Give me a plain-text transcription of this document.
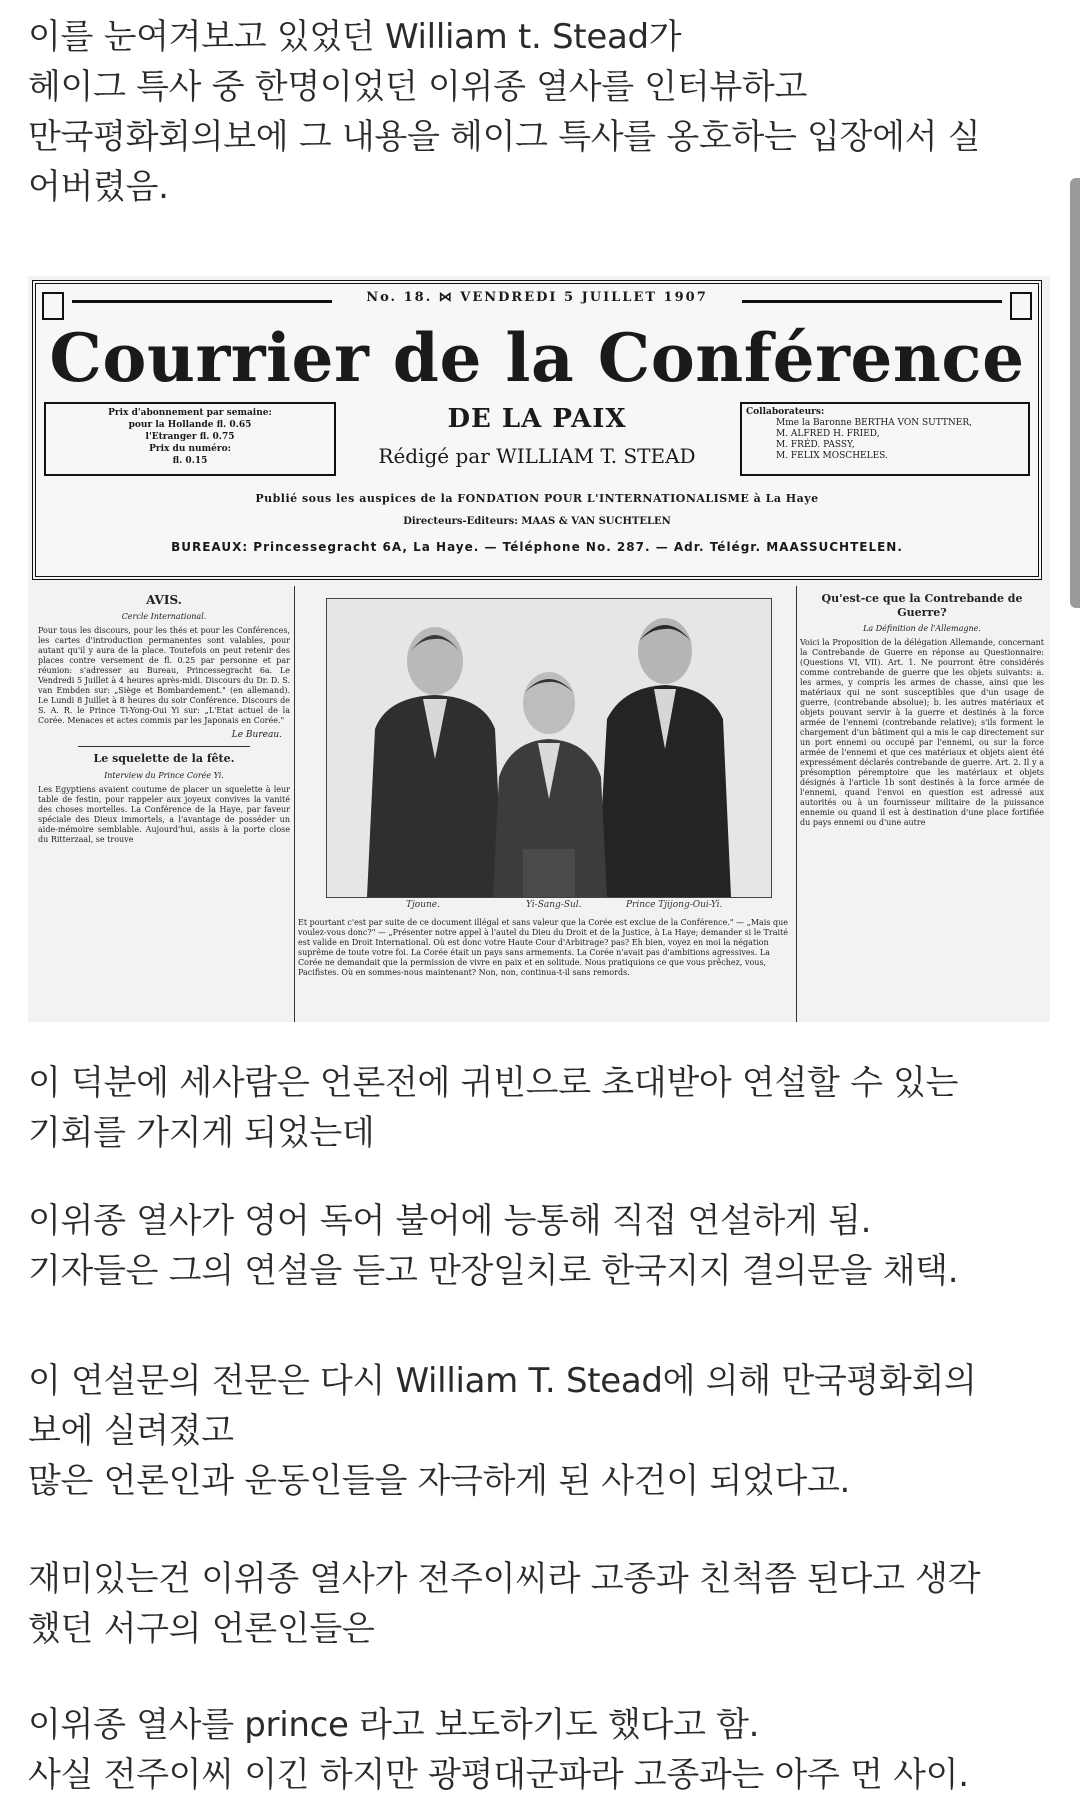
이를 눈여겨보고 있었던 William t. Stead가
헤이그 특사 중 한명이었던 이위종 열사를 인터뷰하고
만국평화회의보에 그 내용을 헤이그 특사를 옹호하는 입장에서 실
어버렸음.

No. 18. ⋈ VENDREDI 5 JUILLET 1907
Courrier de la Conférence
Prix d'abonnement par semaine:
pour la Hollande fl. 0.65
l'Etranger fl. 0.75
Prix du numéro:
fl. 0.15
DE LA PAIX
Rédigé par WILLIAM T. STEAD
Collaborateurs:
Mme la Baronne BERTHA VON SUTTNER,
M. ALFRED H. FRIED,
M. FRÉD. PASSY,
M. FELIX MOSCHELES.
Publié sous les auspices de la FONDATION POUR L'INTERNATIONALISME à La Haye
Directeurs-Editeurs: MAAS & VAN SUCHTELEN
BUREAUX: Princessegracht 6A, La Haye. — Téléphone No. 287. — Adr. Télégr. MAASSUCHTELEN.
AVIS.
Cercle International.
Pour tous les discours, pour les thés et pour les Conférences, les cartes d'introduction permanentes sont valables, pour autant qu'il y aura de la place. Toutefois on peut retenir des places contre versement de fl. 0.25 par personne et par réunion: s'adresser au Bureau, Princessegracht 6a. Le Vendredi 5 Juillet à 4 heures après-midi. Discours du Dr. D. S. van Embden sur: „Siège et Bombardement." (en allemand). Le Lundi 8 Juillet à 8 heures du soir Conférence. Discours de S. A. R. le Prince Ti-Yong-Oui Yi sur: „L'Etat actuel de la Corée. Menaces et actes commis par les Japonais en Corée."
Le Bureau.
Le squelette de la fête.
Interview du Prince Corée Yi.
Les Egyptiens avaient coutume de placer un squelette à leur table de festin, pour rappeler aux joyeux convives la vanité des choses mortelles. La Conférence de la Haye, par faveur spéciale des Dieux immortels, a l'avantage de posséder un aide-mémoire semblable. Aujourd'hui, assis à la porte close du Ritterzaal, se trouve
Tjoune.	Yi-Sang-Sul.	Prince Tjijong-Oui-Yi.
Et pourtant c'est par suite de ce document illégal et sans valeur que la Corée est exclue de la Conférence." — „Mais que voulez-vous donc?" — „Présenter notre appel à l'autel du Dieu du Droit et de la Justice, à La Haye; demander si le Traité est valide en Droit International. Où est donc votre Haute Cour d'Arbitrage? pas? Eh bien, voyez en moi la négation suprême de toute votre foi. La Corée était un pays sans armements. La Corée n'avait pas d'ambitions agressives. La Corée ne demandait que la permission de vivre en paix et en solitude. Nous pratiquions ce que vous prêchez, vous, Pacifistes. Où en sommes-nous maintenant? Non, non, continua-t-il sans remords.
Qu'est-ce que la Contrebande de Guerre?
La Définition de l'Allemagne.
Voici la Proposition de la délégation Allemande, concernant la Contrebande de Guerre en réponse au Questionnaire: (Questions VI, VII). Art. 1. Ne pourront être considérés comme contrebande de guerre que les objets suivants: a. les armes, y compris les armes de chasse, ainsi que les matériaux qui ne sont susceptibles que d'un usage de guerre, (contrebande absolue); b. les autres matériaux et objets pouvant servir à la guerre et destinés à la force armée de l'ennemi (contrebande relative); s'ils forment le chargement d'un bâtiment qui a mis le cap directement sur un port ennemi ou occupé par l'ennemi, ou sur la force armée de l'ennemi et que ces matériaux et objets aient été expressément déclarés contrebande de guerre. Art. 2. Il y a présomption péremptoire que les matériaux et objets désignés à l'article 1b sont destinés à la force armée de l'ennemi, quand l'envoi en question est adressé aux autorités ou à un fournisseur militaire de la puissance ennemie ou quand il est à destination d'une place fortifiée du pays ennemi ou d'une autre

이 덕분에 세사람은 언론전에 귀빈으로 초대받아 연설할 수 있는
기회를 가지게 되었는데

이위종 열사가 영어 독어 불어에 능통해 직접 연설하게 됨.
기자들은 그의 연설을 듣고 만장일치로 한국지지 결의문을 채택.

이 연설문의 전문은 다시 William T. Stead에 의해 만국평화회의
보에 실려졌고
많은 언론인과 운동인들을 자극하게 된 사건이 되었다고.

재미있는건 이위종 열사가 전주이씨라 고종과 친척쯤 된다고 생각
했던 서구의 언론인들은

이위종 열사를 prince 라고 보도하기도 했다고 함.
사실 전주이씨 이긴 하지만 광평대군파라 고종과는 아주 먼 사이.
